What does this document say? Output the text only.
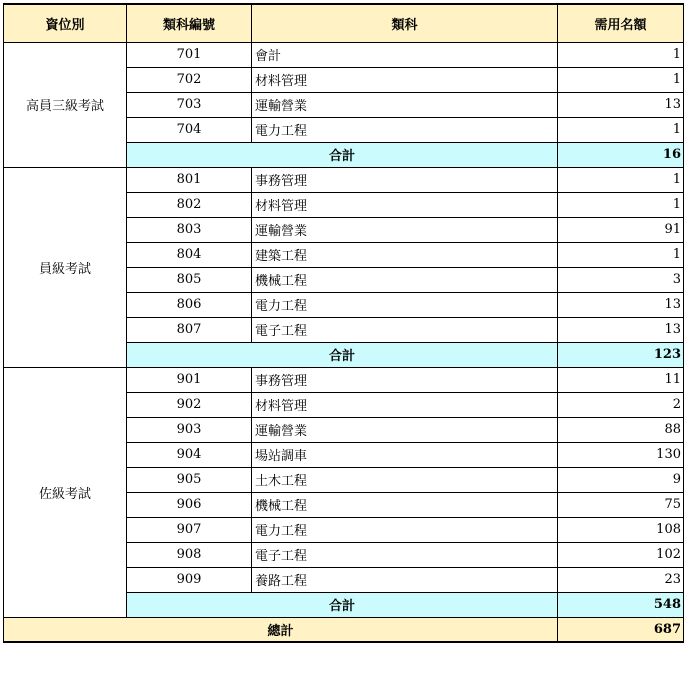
資位別	類科編號	類科	需用名額
高員三級考試	701	會計	1
	702	材料管理	1
	703	運輸營業	13
	704	電力工程	1
	合計		16
員級考試	801	事務管理	1
	802	材料管理	1
	803	運輸營業	91
	804	建築工程	1
	805	機械工程	3
	806	電力工程	13
	807	電子工程	13
	合計		123
佐級考試	901	事務管理	11
	902	材料管理	2
	903	運輸營業	88
	904	場站調車	130
	905	土木工程	9
	906	機械工程	75
	907	電力工程	108
	908	電子工程	102
	909	養路工程	23
	合計		548
總計			687
